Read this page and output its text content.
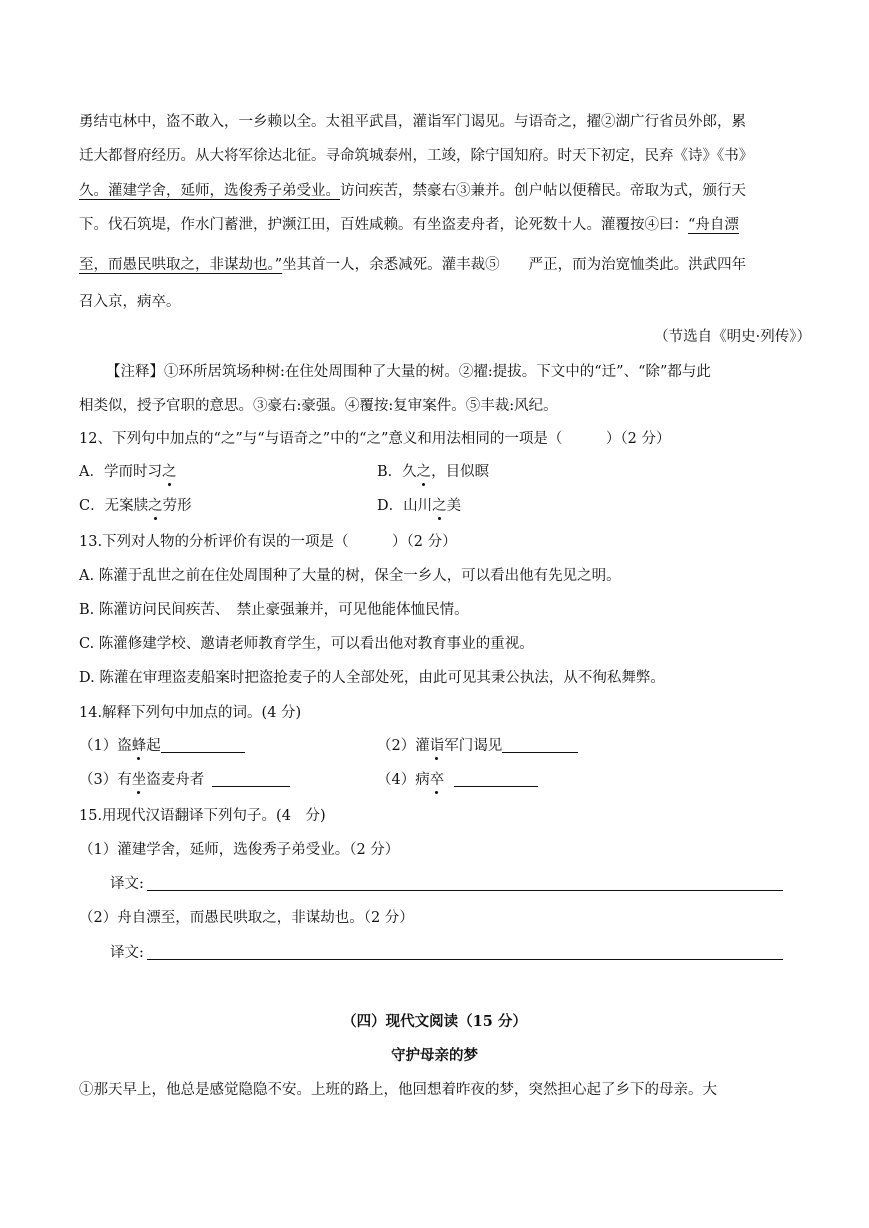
勇结屯林中，盗不敢入，一乡赖以全。太祖平武昌，灌诣军门谒见。与语奇之，擢②湖广行省员外郎，累
迁大都督府经历。从大将军徐达北征。寻命筑城泰州，工竣，除宁国知府。时天下初定，民弃《诗》《书》
久。灌建学舍，延师，选俊秀子弟受业。访问疾苦，禁豪右③兼并。创户帖以便稽民。帝取为式，颁行天
下。伐石筑堤，作水门蓄泄，护濒江田，百姓咸赖。有坐盗麦舟者，论死数十人。灌覆按④曰：“舟自漂
至，而愚民哄取之，非谋劫也。”坐其首一人，余悉减死。灌丰裁⑤　　严正，而为治宽恤类此。洪武四年
召入京，病卒。
（节选自《明史·列传》）
【注释】①环所居筑场种树:在住处周围种了大量的树。②擢:提拔。下文中的“迁”、“除”都与此
相类似，授予官职的意思。③豪右:豪强。④覆按:复审案件。⑤丰裁:风纪。
12、下列句中加点的“之”与“与语奇之”中的“之”意义和用法相同的一项是（　　　）（2 分）
A．学而时习之	B．久之，目似瞑
C．无案牍之劳形	D．山川之美
13.下列对人物的分析评价有误的一项是（　　　）（2 分）
A. 陈灌于乱世之前在住处周围种了大量的树，保全一乡人，可以看出他有先见之明。
B. 陈灌访问民间疾苦、　禁止豪强兼并，可见他能体恤民情。
C. 陈灌修建学校、邀请老师教育学生，可以看出他对教育事业的重视。
D. 陈灌在审理盗麦船案时把盗抢麦子的人全部处死，由此可见其秉公执法，从不徇私舞弊。
14.解释下列句中加点的词。(4 分)
（1）盗蜂起	（2）灌诣军门谒见
（3）有坐盗麦舟者	（4）病卒
15.用现代汉语翻译下列句子。(4　分)
（1）灌建学舍，延师，选俊秀子弟受业。（2 分）
译文:
（2）舟自漂至，而愚民哄取之，非谋劫也。（2 分）
译文:
（四）现代文阅读（15 分）
守护母亲的梦
①那天早上，他总是感觉隐隐不安。上班的路上，他回想着昨夜的梦，突然担心起了乡下的母亲。大
